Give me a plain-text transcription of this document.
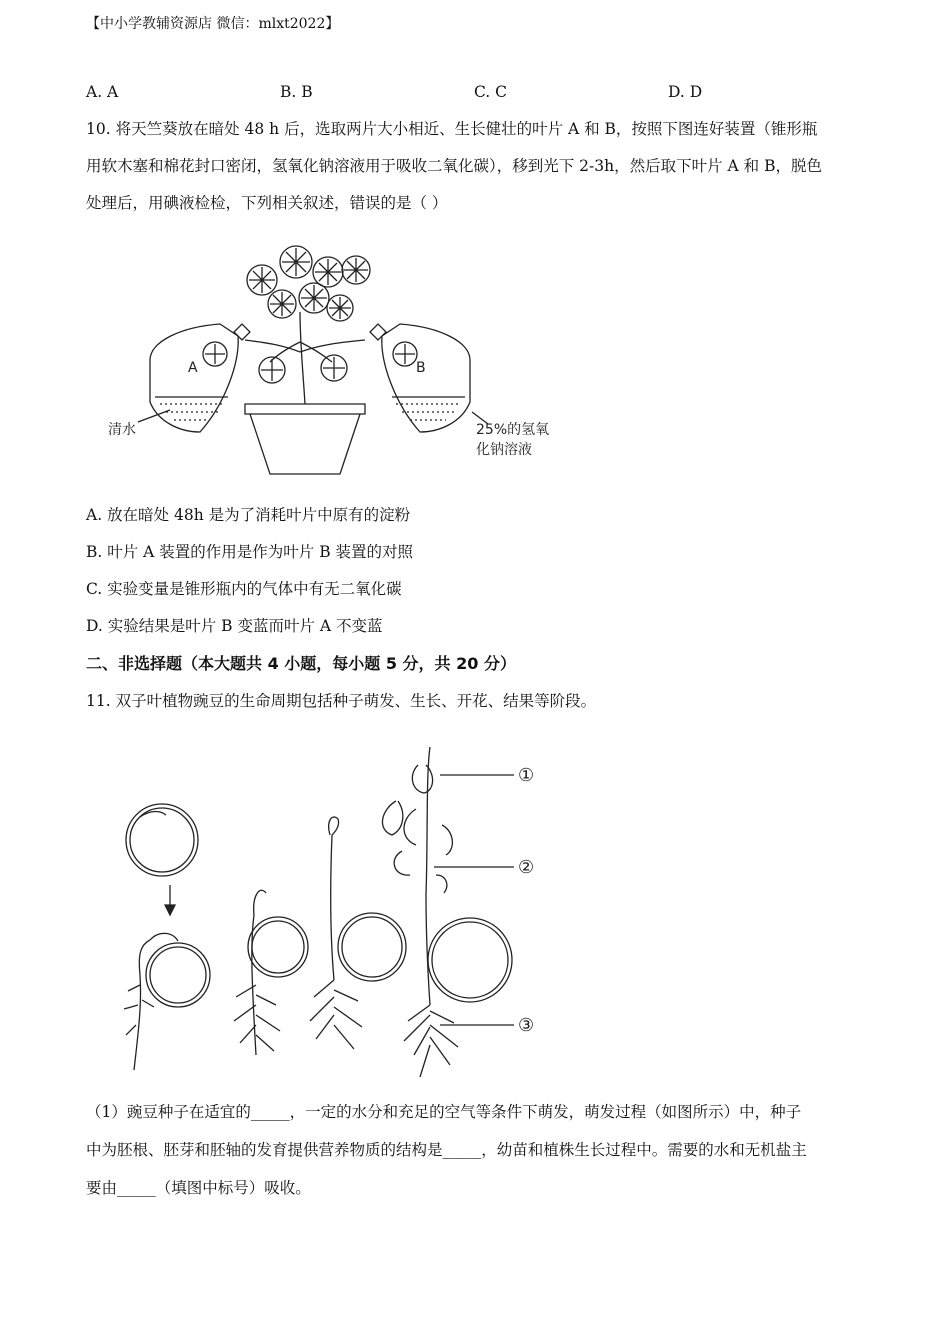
【中小学教辅资源店 微信：mlxt2022】
A. A	B. B	C. C	D. D
10. 将天竺葵放在暗处 48 h 后，选取两片大小相近、生长健壮的叶片 A 和 B，按照下图连好装置（锥形瓶
用软木塞和棉花封口密闭，氢氧化钠溶液用于吸收二氧化碳），移到光下 2-3h，然后取下叶片 A 和 B，脱色
处理后，用碘液检检，下列相关叙述，错误的是（ ）
A	B
清水	25%的氢氧
化钠溶液
A. 放在暗处 48h 是为了消耗叶片中原有的淀粉
B. 叶片 A 装置的作用是作为叶片 B 装置的对照
C. 实验变量是锥形瓶内的气体中有无二氧化碳
D. 实验结果是叶片 B 变蓝而叶片 A 不变蓝
二、非选择题（本大题共 4 小题，每小题 5 分，共 20 分）
11. 双子叶植物豌豆的生命周期包括种子萌发、生长、开花、结果等阶段。
①
②
③
（1）豌豆种子在适宜的_____，一定的水分和充足的空气等条件下萌发，萌发过程（如图所示）中，种子
中为胚根、胚芽和胚轴的发育提供营养物质的结构是_____，幼苗和植株生长过程中。需要的水和无机盐主
要由_____（填图中标号）吸收。
